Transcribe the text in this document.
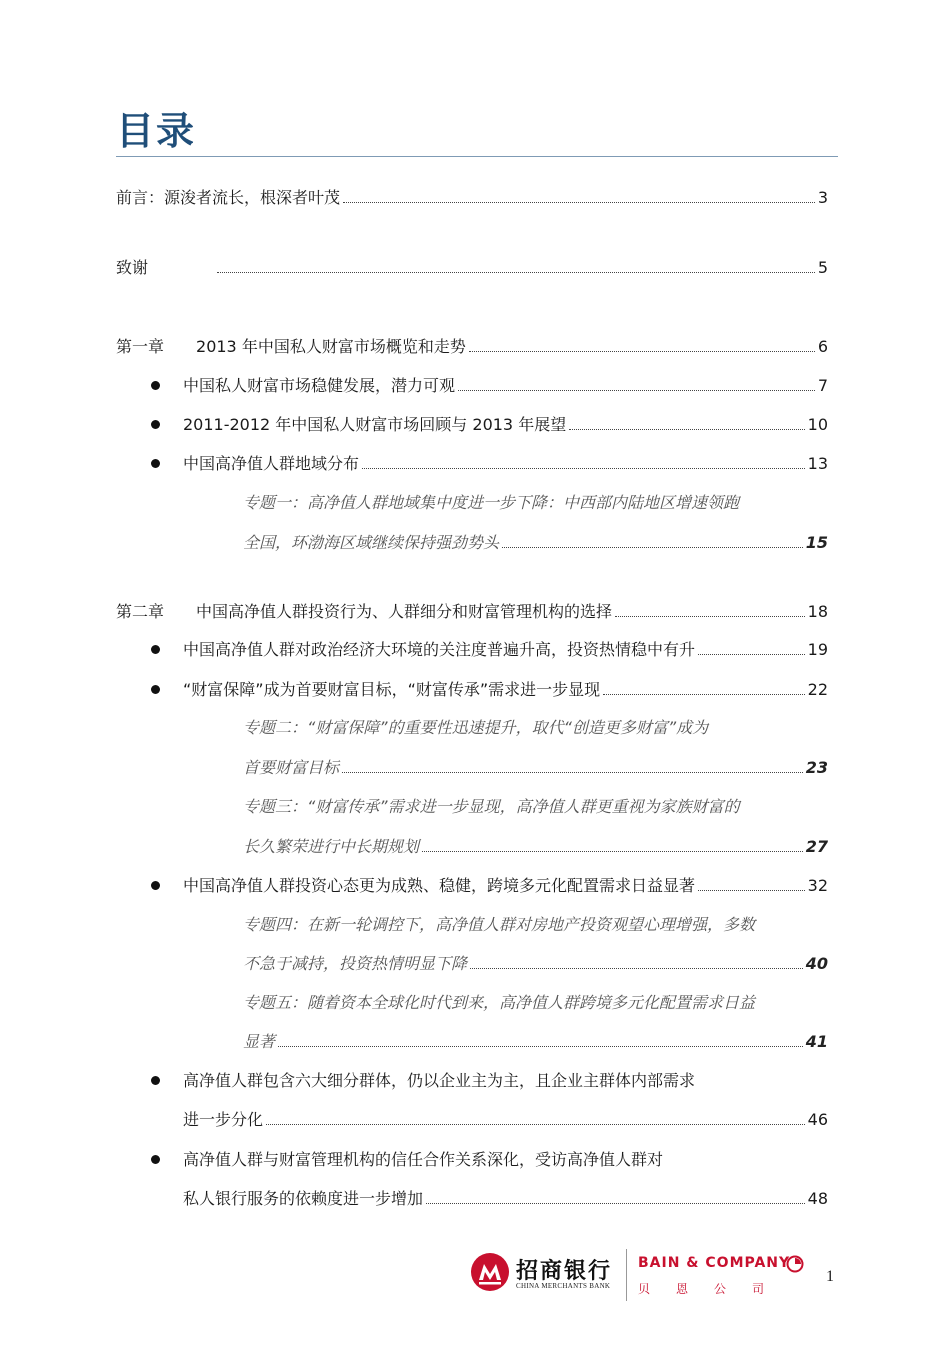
目录
前言：源浚者流长，根深者叶茂	3
致谢	5
第一章 2013 年中国私人财富市场概览和走势	6
中国私人财富市场稳健发展，潜力可观	7
2011-2012 年中国私人财富市场回顾与 2013 年展望	10
中国高净值人群地域分布	13
专题一：高净值人群地域集中度进一步下降：中西部内陆地区增速领跑
全国，环渤海区域继续保持强劲势头	15
第二章 中国高净值人群投资行为、人群细分和财富管理机构的选择	18
中国高净值人群对政治经济大环境的关注度普遍升高，投资热情稳中有升	19
“财富保障”成为首要财富目标，“财富传承”需求进一步显现	22
专题二：“财富保障”的重要性迅速提升，取代“创造更多财富”成为
首要财富目标	23
专题三：“财富传承”需求进一步显现，高净值人群更重视为家族财富的
长久繁荣进行中长期规划	27
中国高净值人群投资心态更为成熟、稳健，跨境多元化配置需求日益显著	32
专题四：在新一轮调控下，高净值人群对房地产投资观望心理增强，多数
不急于减持，投资热情明显下降	40
专题五：随着资本全球化时代到来，高净值人群跨境多元化配置需求日益
显著	41
高净值人群包含六大细分群体，仍以企业主为主，且企业主群体内部需求
进一步分化	46
高净值人群与财富管理机构的信任合作关系深化，受访高净值人群对
私人银行服务的依赖度进一步增加	48
招商银行
CHINA MERCHANTS BANK
BAIN & COMPANY
贝恩公司
1
